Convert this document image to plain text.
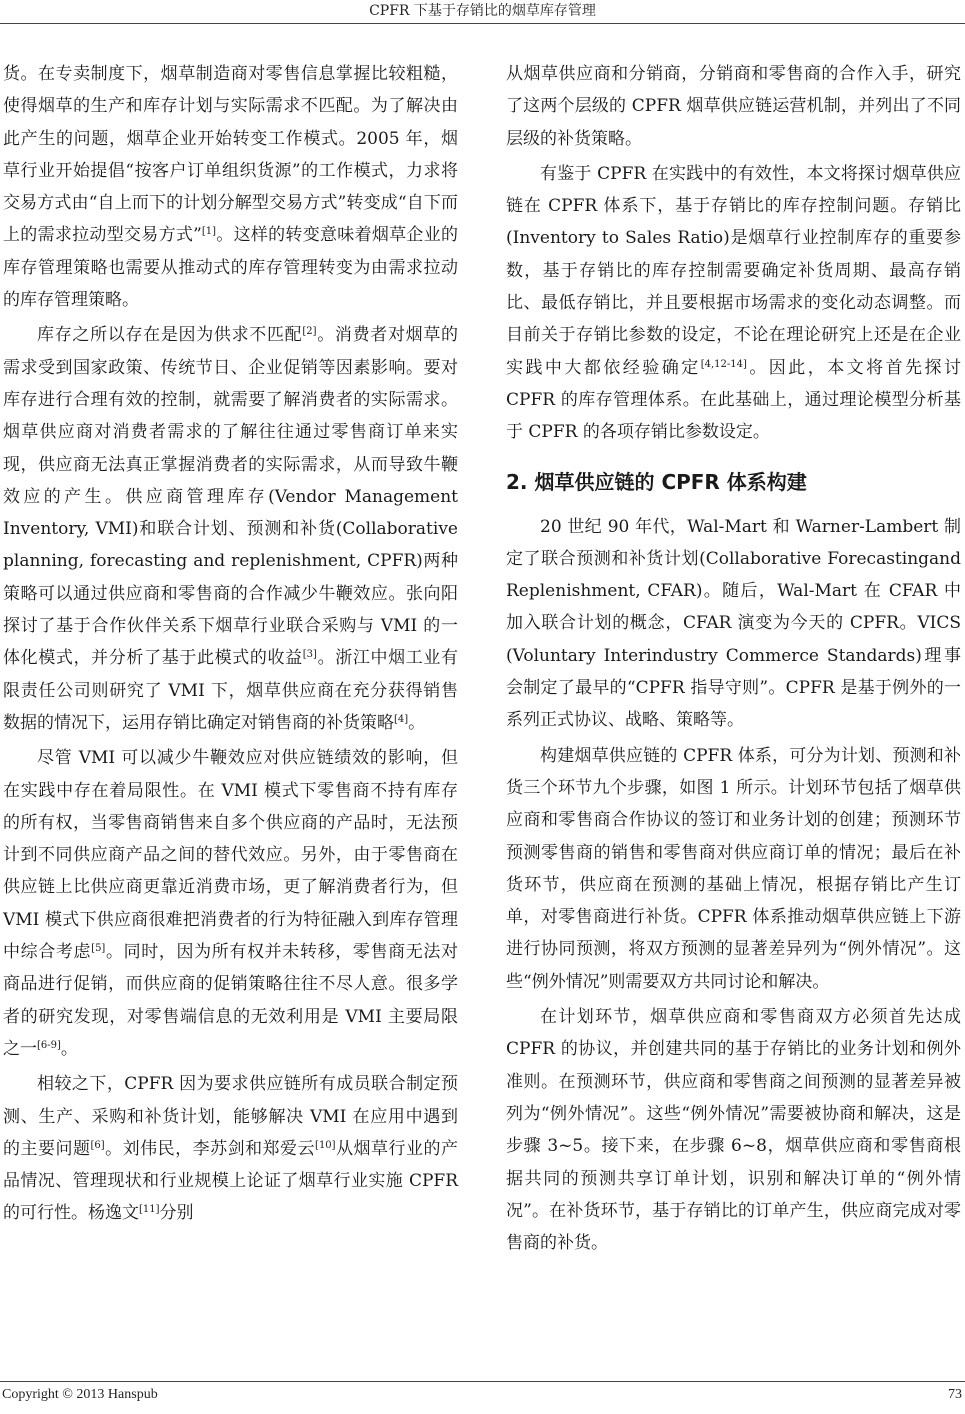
CPFR 下基于存销比的烟草库存管理

货。在专卖制度下，烟草制造商对零售信息掌握比较粗糙，使得烟草的生产和库存计划与实际需求不匹配。为了解决由此产生的问题，烟草企业开始转变工作模式。2005 年，烟草行业开始提倡“按客户订单组织货源”的工作模式，力求将交易方式由“自上而下的计划分解型交易方式”转变成“自下而上的需求拉动型交易方式”[1]。这样的转变意味着烟草企业的库存管理策略也需要从推动式的库存管理转变为由需求拉动的库存管理策略。

库存之所以存在是因为供求不匹配[2]。消费者对烟草的需求受到国家政策、传统节日、企业促销等因素影响。要对库存进行合理有效的控制，就需要了解消费者的实际需求。烟草供应商对消费者需求的了解往往通过零售商订单来实现，供应商无法真正掌握消费者的实际需求，从而导致牛鞭效应的产生。供应商管理库存(Vendor Management Inventory, VMI)和联合计划、预测和补货(Collaborative planning, forecasting and replenishment, CPFR)两种策略可以通过供应商和零售商的合作减少牛鞭效应。张向阳探讨了基于合作伙伴关系下烟草行业联合采购与 VMI 的一体化模式，并分析了基于此模式的收益[3]。浙江中烟工业有限责任公司则研究了 VMI 下，烟草供应商在充分获得销售数据的情况下，运用存销比确定对销售商的补货策略[4]。

尽管 VMI 可以减少牛鞭效应对供应链绩效的影响，但在实践中存在着局限性。在 VMI 模式下零售商不持有库存的所有权，当零售商销售来自多个供应商的产品时，无法预计到不同供应商产品之间的替代效应。另外，由于零售商在供应链上比供应商更靠近消费市场，更了解消费者行为，但 VMI 模式下供应商很难把消费者的行为特征融入到库存管理中综合考虑[5]。同时，因为所有权并未转移，零售商无法对商品进行促销，而供应商的促销策略往往不尽人意。很多学者的研究发现，对零售端信息的无效利用是 VMI 主要局限之一[6-9]。

相较之下，CPFR 因为要求供应链所有成员联合制定预测、生产、采购和补货计划，能够解决 VMI 在应用中遇到的主要问题[6]。刘伟民，李苏剑和郑爱云[10]从烟草行业的产品情况、管理现状和行业规模上论证了烟草行业实施 CPFR 的可行性。杨逸文[11]分别

从烟草供应商和分销商，分销商和零售商的合作入手，研究了这两个层级的 CPFR 烟草供应链运营机制，并列出了不同层级的补货策略。

有鉴于 CPFR 在实践中的有效性，本文将探讨烟草供应链在 CPFR 体系下，基于存销比的库存控制问题。存销比(Inventory to Sales Ratio)是烟草行业控制库存的重要参数，基于存销比的库存控制需要确定补货周期、最高存销比、最低存销比，并且要根据市场需求的变化动态调整。而目前关于存销比参数的设定，不论在理论研究上还是在企业实践中大都依经验确定[4,12-14]。因此，本文将首先探讨 CPFR 的库存管理体系。在此基础上，通过理论模型分析基于 CPFR 的各项存销比参数设定。

2. 烟草供应链的 CPFR 体系构建

20 世纪 90 年代，Wal-Mart 和 Warner-Lambert 制定了联合预测和补货计划(Collaborative Forecastingand Replenishment, CFAR)。随后，Wal-Mart 在 CFAR 中加入联合计划的概念，CFAR 演变为今天的 CPFR。VICS (Voluntary Interindustry Commerce Standards)理事会制定了最早的“CPFR 指导守则”。CPFR 是基于例外的一系列正式协议、战略、策略等。

构建烟草供应链的 CPFR 体系，可分为计划、预测和补货三个环节九个步骤，如图 1 所示。计划环节包括了烟草供应商和零售商合作协议的签订和业务计划的创建；预测环节预测零售商的销售和零售商对供应商订单的情况；最后在补货环节，供应商在预测的基础上情况，根据存销比产生订单，对零售商进行补货。CPFR 体系推动烟草供应链上下游进行协同预测，将双方预测的显著差异列为“例外情况”。这些“例外情况”则需要双方共同讨论和解决。

在计划环节，烟草供应商和零售商双方必须首先达成 CPFR 的协议，并创建共同的基于存销比的业务计划和例外准则。在预测环节，供应商和零售商之间预测的显著差异被列为“例外情况”。这些“例外情况”需要被协商和解决，这是步骤 3~5。接下来，在步骤 6~8，烟草供应商和零售商根据共同的预测共享订单计划，识别和解决订单的“例外情况”。在补货环节，基于存销比的订单产生，供应商完成对零售商的补货。

Copyright © 2013 Hanspub	73
